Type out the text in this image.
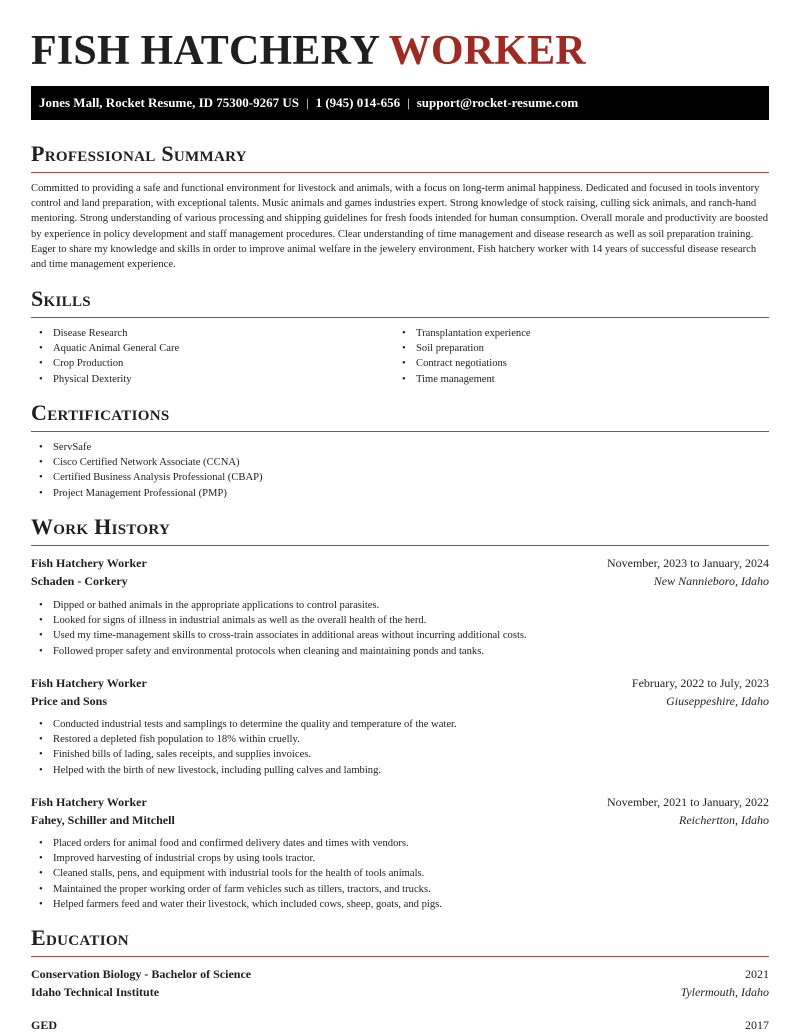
FISH HATCHERY WORKER
Jones Mall, Rocket Resume, ID 75300-9267 US | 1 (945) 014-656 | support@rocket-resume.com
Professional Summary

Committed to providing a safe and functional environment for livestock and animals, with a focus on long-term animal happiness. Dedicated and focused in tools inventory control and land preparation, with exceptional talents. Music animals and games industries expert. Strong knowledge of stock raising, culling sick animals, and ranch-hand mentoring. Strong understanding of various processing and shipping guidelines for fresh foods intended for human consumption. Overall morale and productivity are boosted by experience in policy development and staff management procedures. Clear understanding of time management and disease research as well as soil preparation training. Eager to share my knowledge and skills in order to improve animal welfare in the jewelery environment. Fish hatchery worker with 14 years of successful disease research and time management experience.

Skills
• Disease Research
• Aquatic Animal General Care
• Crop Production
• Physical Dexterity
• Transplantation experience
• Soil preparation
• Contract negotiations
• Time management
Certifications
• ServSafe
• Cisco Certified Network Associate (CCNA)
• Certified Business Analysis Professional (CBAP)
• Project Management Professional (PMP)
Work History
Fish Hatchery Worker	November, 2023 to January, 2024
Schaden - Corkery	New Nannieboro, Idaho
• Dipped or bathed animals in the appropriate applications to control parasites.
• Looked for signs of illness in industrial animals as well as the overall health of the herd.
• Used my time-management skills to cross-train associates in additional areas without incurring additional costs.
• Followed proper safety and environmental protocols when cleaning and maintaining ponds and tanks.
Fish Hatchery Worker	February, 2022 to July, 2023
Price and Sons	Giuseppeshire, Idaho
• Conducted industrial tests and samplings to determine the quality and temperature of the water.
• Restored a depleted fish population to 18% within cruelly.
• Finished bills of lading, sales receipts, and supplies invoices.
• Helped with the birth of new livestock, including pulling calves and lambing.
Fish Hatchery Worker	November, 2021 to January, 2022
Fahey, Schiller and Mitchell	Reichertton, Idaho
• Placed orders for animal food and confirmed delivery dates and times with vendors.
• Improved harvesting of industrial crops by using tools tractor.
• Cleaned stalls, pens, and equipment with industrial tools for the health of tools animals.
• Maintained the proper working order of farm vehicles such as tillers, tractors, and trucks.
• Helped farmers feed and water their livestock, which included cows, sheep, goats, and pigs.
Education
Conservation Biology - Bachelor of Science	2021
Idaho Technical Institute	Tylermouth, Idaho
GED	2017
